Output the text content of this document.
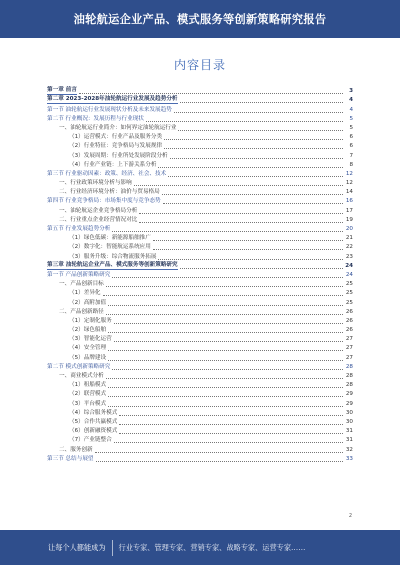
油轮航运企业产品、模式服务等创新策略研究报告
内容目录
第一章 前言	3
第二章 2023-2028年油轮航运行业发展及趋势分析	4
第一节 油轮航运行业发展现状分析及未来发展趋势	4
第二节 行业概况：发展历程与行业现状	5
一、油轮航运行业简介：如何界定油轮航运行业	5
（1）运营模式：行业产品及服务分类	6
（2）行业特征：竞争格局与发展规律	6
（3）发展周期：行业所处发展阶段分析	7
（4）行业产业链：上下游关系分析	8
第三节 行业驱动因素：政策、经济、社会、技术	12
一、行业政策环境分析与影响	12
二、行业经济环境分析：油价与贸易格局	14
第四节 行业竞争格局：市场集中度与竞争态势	16
一、油轮航运企业竞争格局分析	17
二、行业重点企业经营情况对比	19
第五节 行业发展趋势分析	20
（1）绿色低碳：新能源船舶推广	21
（2）数字化：智能航运系统应用	22
（3）服务升级：综合物流服务拓展	23
第三章 油轮航运企业产品、模式服务等创新策略研究	24
第一节 产品创新策略研究	24
一、产品创新目标	25
（1）差异化	25
（2）高附加值	25
二、产品创新路径	26
（1）定制化服务	26
（2）绿色船舶	26
（3）智能化运营	27
（4）安全管理	27
（5）品牌建设	27
第二节 模式创新策略研究	28
一、商业模式分析	28
（1）租船模式	28
（2）联营模式	29
（3）平台模式	29
（4）综合服务模式	30
（5）合作共赢模式	30
（6）创新融资模式	31
（7）产业链整合	31
二、服务创新	32
第三节 总结与展望	33
2
让每个人都能成为 行业专家、管理专家、营销专家、战略专家、运营专家……
